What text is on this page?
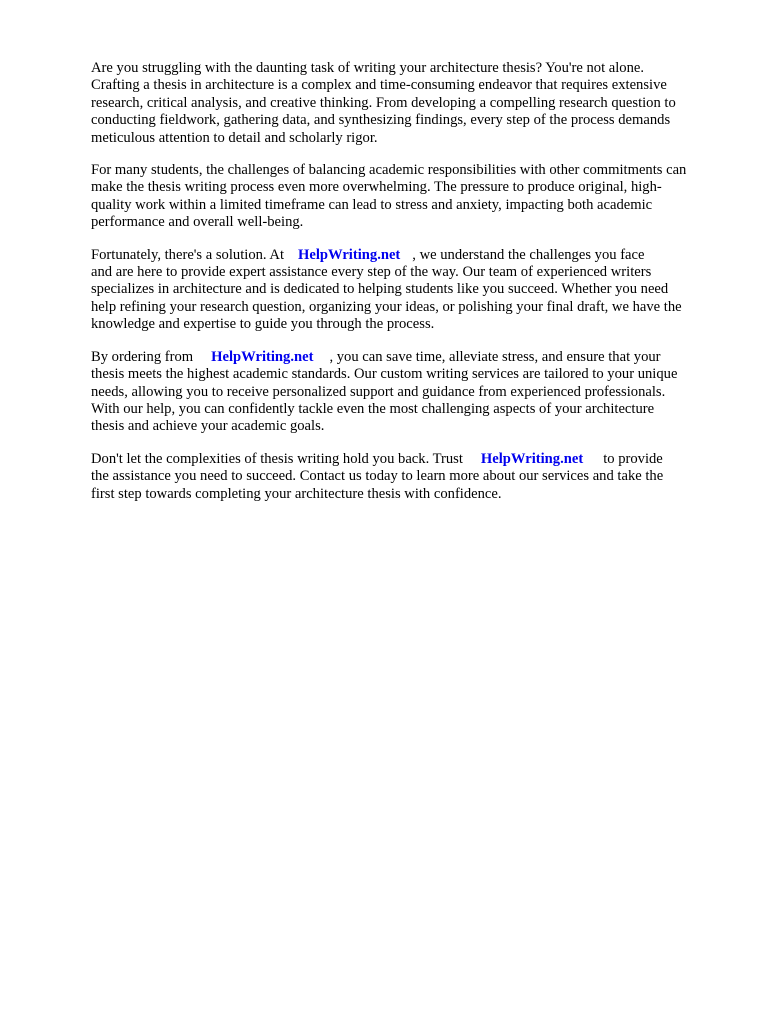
Are you struggling with the daunting task of writing your architecture thesis? You're not alone.
Crafting a thesis in architecture is a complex and time-consuming endeavor that requires extensive
research, critical analysis, and creative thinking. From developing a compelling research question to
conducting fieldwork, gathering data, and synthesizing findings, every step of the process demands
meticulous attention to detail and scholarly rigor.

For many students, the challenges of balancing academic responsibilities with other commitments can
make the thesis writing process even more overwhelming. The pressure to produce original, high-
quality work within a limited timeframe can lead to stress and anxiety, impacting both academic
performance and overall well-being.

Fortunately, there's a solution. At HelpWriting.net , we understand the challenges you face
and are here to provide expert assistance every step of the way. Our team of experienced writers
specializes in architecture and is dedicated to helping students like you succeed. Whether you need
help refining your research question, organizing your ideas, or polishing your final draft, we have the
knowledge and expertise to guide you through the process.

By ordering from HelpWriting.net , you can save time, alleviate stress, and ensure that your
thesis meets the highest academic standards. Our custom writing services are tailored to your unique
needs, allowing you to receive personalized support and guidance from experienced professionals.
With our help, you can confidently tackle even the most challenging aspects of your architecture
thesis and achieve your academic goals.

Don't let the complexities of thesis writing hold you back. Trust HelpWriting.net to provide
the assistance you need to succeed. Contact us today to learn more about our services and take the
first step towards completing your architecture thesis with confidence.
